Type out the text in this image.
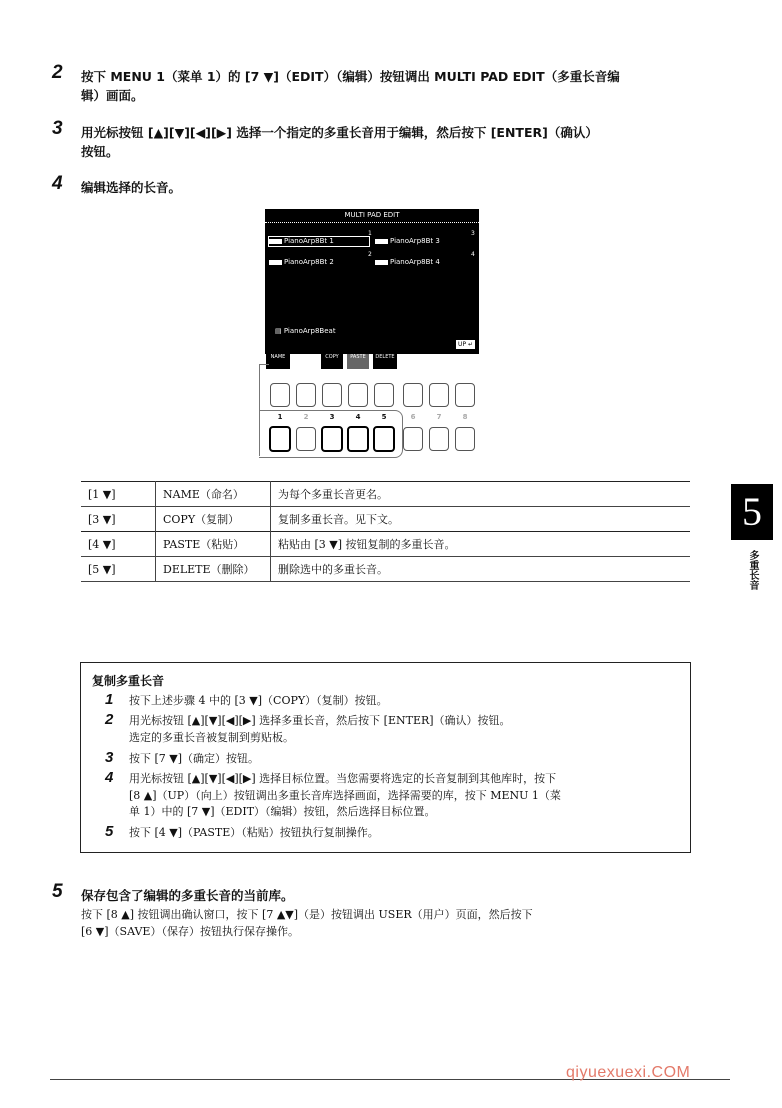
2 按下 MENU 1（菜单 1）的 [7 ▼]（EDIT）（编辑）按钮调出 MULTI PAD EDIT（多重长音编
辑）画面。
3 用光标按钮 [▲][▼][◀][▶] 选择一个指定的多重长音用于编辑，然后按下 [ENTER]（确认）
按钮。
4 编辑选择的长音。
MULTI PAD EDIT
PianoArp8Bt 1
PianoArp8Bt 2
PianoArp8Bt 3
PianoArp8Bt 4
1
2
3
4
▤ PianoArp8Beat
UP ↵
NAME	COPY	PASTE	DELETE
1	2	3	4	5	6	7	8
[1 ▼]	NAME（命名）	为每个多重长音更名。
[3 ▼]	COPY（复制）	复制多重长音。见下文。
[4 ▼]	PASTE（粘贴）	粘贴由 [3 ▼] 按钮复制的多重长音。
[5 ▼]	DELETE（删除）	删除选中的多重长音。
复制多重长音
1 按下上述步骤 4 中的 [3 ▼]（COPY）（复制）按钮。
2 用光标按钮 [▲][▼][◀][▶] 选择多重长音，然后按下 [ENTER]（确认）按钮。
选定的多重长音被复制到剪贴板。
3 按下 [7 ▼]（确定）按钮。
4 用光标按钮 [▲][▼][◀][▶] 选择目标位置。当您需要将选定的长音复制到其他库时，按下
[8 ▲]（UP）（向上）按钮调出多重长音库选择画面，选择需要的库，按下 MENU 1（菜
单 1）中的 [7 ▼]（EDIT）（编辑）按钮，然后选择目标位置。
5 按下 [4 ▼]（PASTE）（粘贴）按钮执行复制操作。
5 保存包含了编辑的多重长音的当前库。
按下 [8 ▲] 按钮调出确认窗口，按下 [7 ▲▼]（是）按钮调出 USER（用户）页面，然后按下
[6 ▼]（SAVE）（保存）按钮执行保存操作。
5
多重长音
qiyuexuexi.COM
